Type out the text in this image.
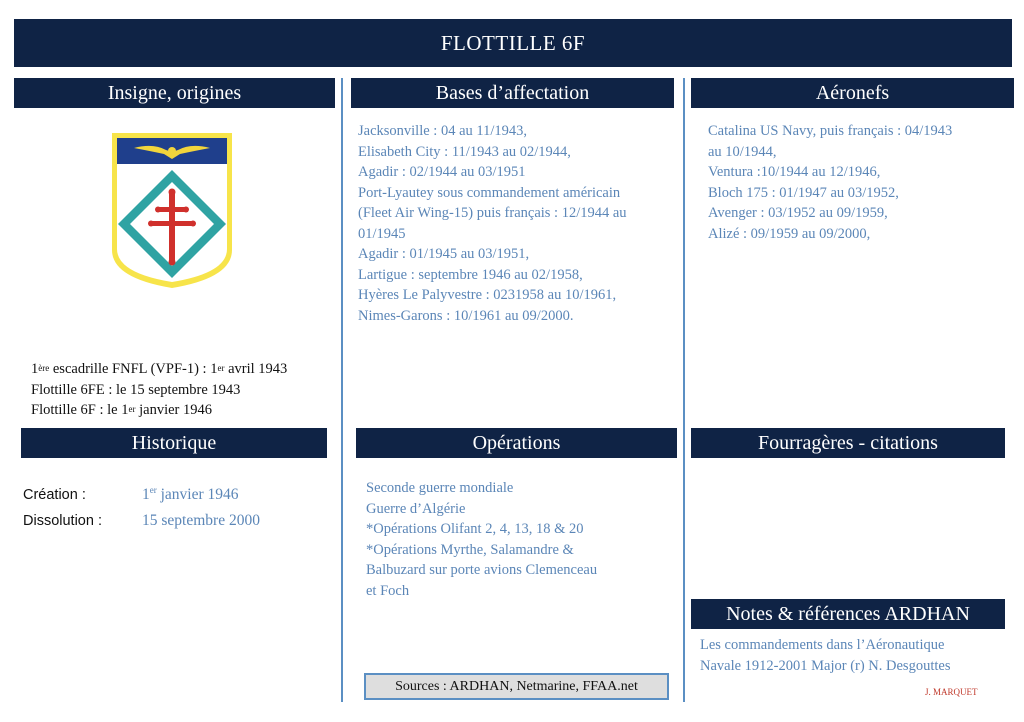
FLOTTILLE 6F
Insigne, origines
1ère escadrille FNFL (VPF-1) : 1er avril 1943
Flottille 6FE : le 15 septembre 1943
Flottille 6F : le 1er janvier 1946
Historique
Création :	1er janvier 1946
Dissolution :	15 septembre 2000
Bases d’affectation
Jacksonville : 04 au 11/1943,
Elisabeth City : 11/1943 au 02/1944,
Agadir : 02/1944 au 03/1951
Port-Lyautey sous commandement américain
(Fleet Air Wing-15) puis français : 12/1944 au
01/1945
Agadir : 01/1945 au 03/1951,
Lartigue : septembre 1946 au 02/1958,
Hyères Le Palyvestre : 0231958 au 10/1961,
Nimes-Garons : 10/1961 au 09/2000.
Opérations
Seconde guerre mondiale
Guerre d’Algérie
*Opérations Olifant 2, 4, 13, 18 & 20
*Opérations Myrthe, Salamandre &
Balbuzard sur porte avions Clemenceau
et Foch
Sources : ARDHAN, Netmarine, FFAA.net
Aéronefs
Catalina US Navy, puis français : 04/1943
au 10/1944,
Ventura :10/1944 au 12/1946,
Bloch 175 : 01/1947 au 03/1952,
Avenger : 03/1952 au 09/1959,
Alizé : 09/1959 au 09/2000,
Fourragères - citations
Notes & références ARDHAN
Les commandements dans l’Aéronautique
Navale 1912-2001 Major (r) N. Desgouttes
J. MARQUET
